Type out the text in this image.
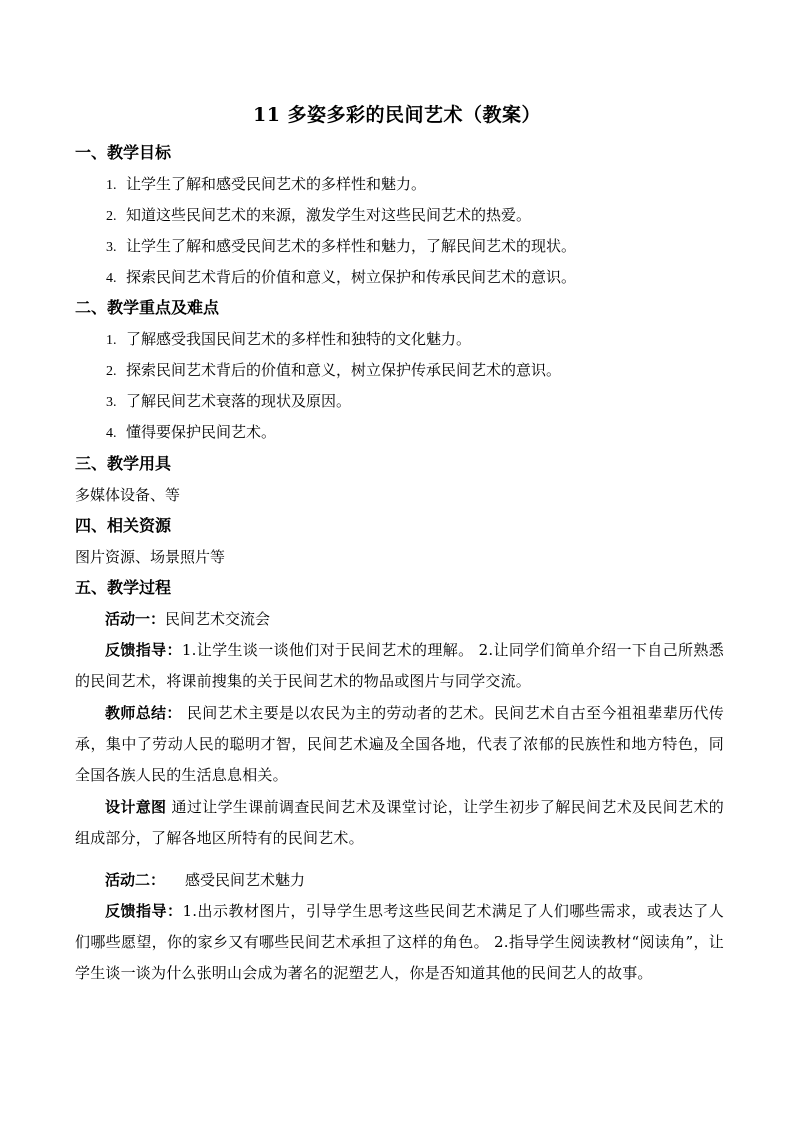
11 多姿多彩的民间艺术（教案）
一、教学目标
1. 让学生了解和感受民间艺术的多样性和魅力。
2. 知道这些民间艺术的来源，激发学生对这些民间艺术的热爱。
3. 让学生了解和感受民间艺术的多样性和魅力，了解民间艺术的现状。
4. 探索民间艺术背后的价值和意义，树立保护和传承民间艺术的意识。
二、教学重点及难点
1. 了解感受我国民间艺术的多样性和独特的文化魅力。
2. 探索民间艺术背后的价值和意义，树立保护传承民间艺术的意识。
3. 了解民间艺术衰落的现状及原因。
4. 懂得要保护民间艺术。
三、教学用具
多媒体设备、等
四、相关资源
图片资源、场景照片等
五、教学过程
活动一：民间艺术交流会
反馈指导：1.让学生谈一谈他们对于民间艺术的理解。 2.让同学们简单介绍一下自己所熟悉的民间艺术，将课前搜集的关于民间艺术的物品或图片与同学交流。
教师总结： 民间艺术主要是以农民为主的劳动者的艺术。民间艺术自古至今祖祖辈辈历代传承，集中了劳动人民的聪明才智，民间艺术遍及全国各地，代表了浓郁的民族性和地方特色，同全国各族人民的生活息息相关。
设计意图 通过让学生课前调查民间艺术及课堂讨论，让学生初步了解民间艺术及民间艺术的组成部分，了解各地区所特有的民间艺术。
活动二： 感受民间艺术魅力
反馈指导：1.出示教材图片，引导学生思考这些民间艺术满足了人们哪些需求，或表达了人们哪些愿望，你的家乡又有哪些民间艺术承担了这样的角色。 2.指导学生阅读教材“阅读角”，让学生谈一谈为什么张明山会成为著名的泥塑艺人，你是否知道其他的民间艺人的故事。
